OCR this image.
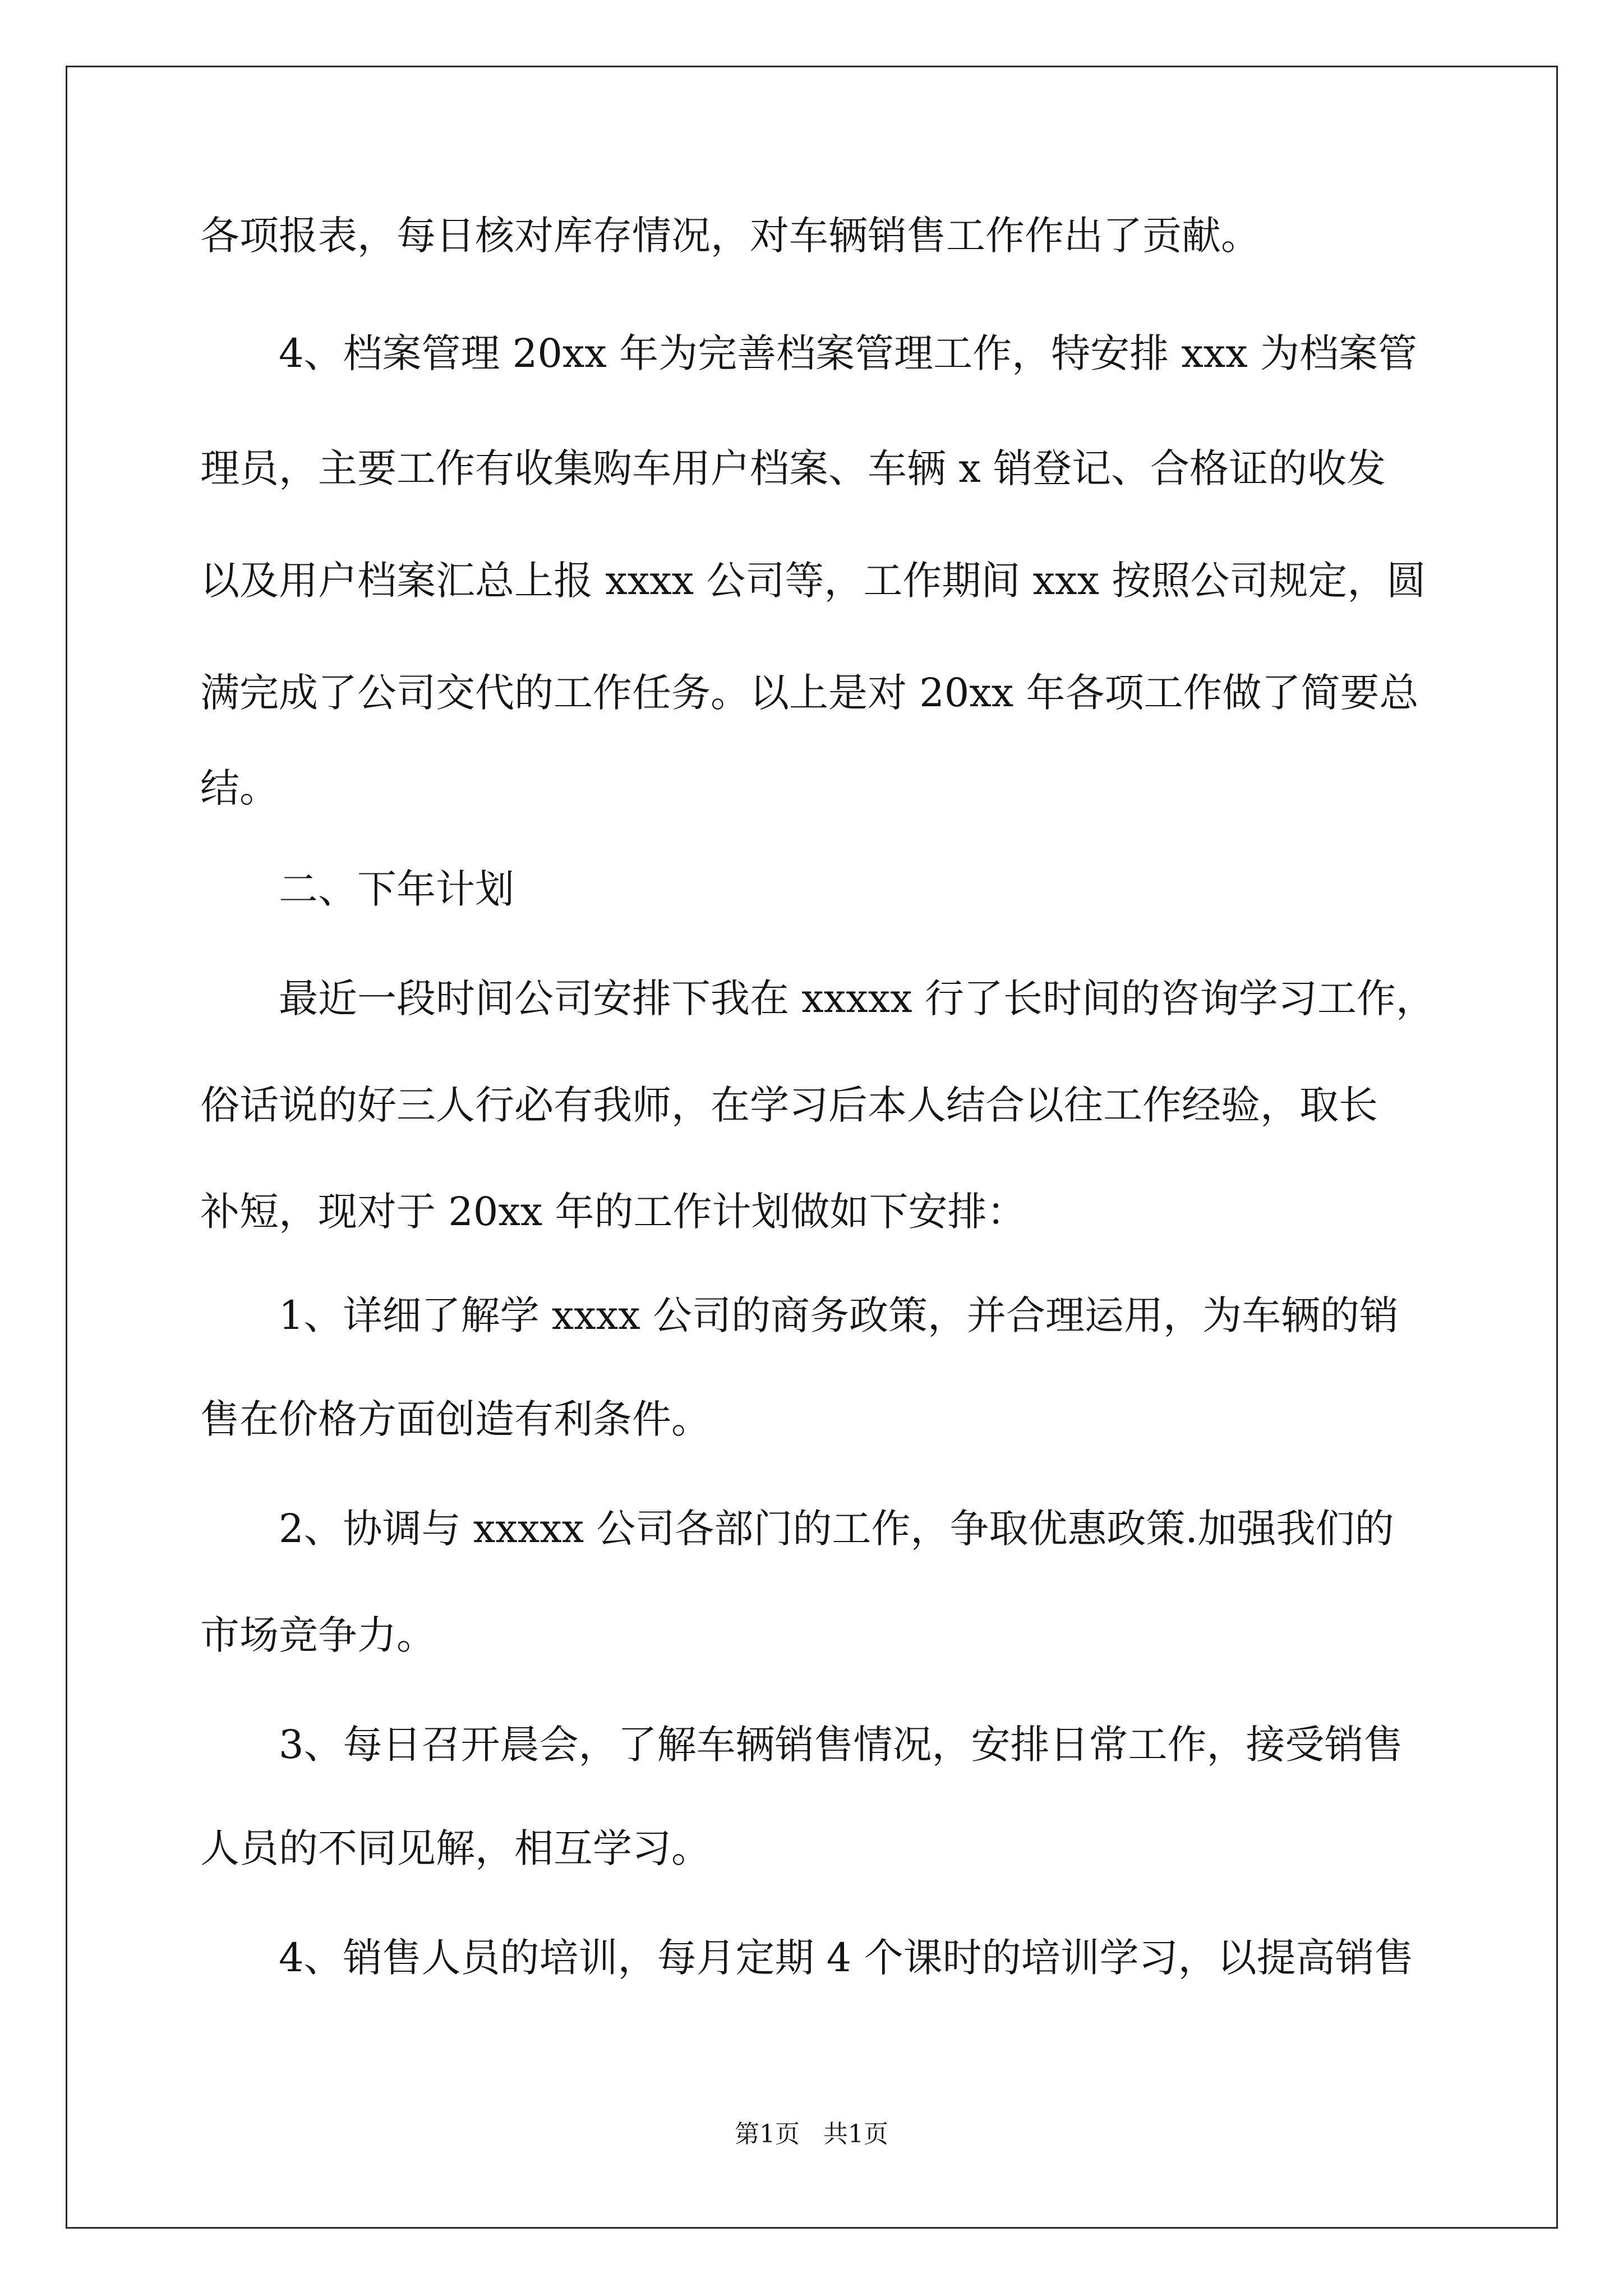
各项报表，每日核对库存情况，对车辆销售工作作出了贡献。
4、档案管理 20xx 年为完善档案管理工作，特安排 xxx 为档案管
理员，主要工作有收集购车用户档案、车辆 x 销登记、合格证的收发
以及用户档案汇总上报 xxxx 公司等，工作期间 xxx 按照公司规定，圆
满完成了公司交代的工作任务。以上是对 20xx 年各项工作做了简要总
结。
二、下年计划
最近一段时间公司安排下我在 xxxxx 行了长时间的咨询学习工作，
俗话说的好三人行必有我师，在学习后本人结合以往工作经验，取长
补短，现对于 20xx 年的工作计划做如下安排：
1、详细了解学 xxxx 公司的商务政策，并合理运用，为车辆的销
售在价格方面创造有利条件。
2、协调与 xxxxx 公司各部门的工作，争取优惠政策.加强我们的
市场竞争力。
3、每日召开晨会，了解车辆销售情况，安排日常工作，接受销售
人员的不同见解，相互学习。
4、销售人员的培训，每月定期 4 个课时的培训学习，以提高销售
第1页   共1页
